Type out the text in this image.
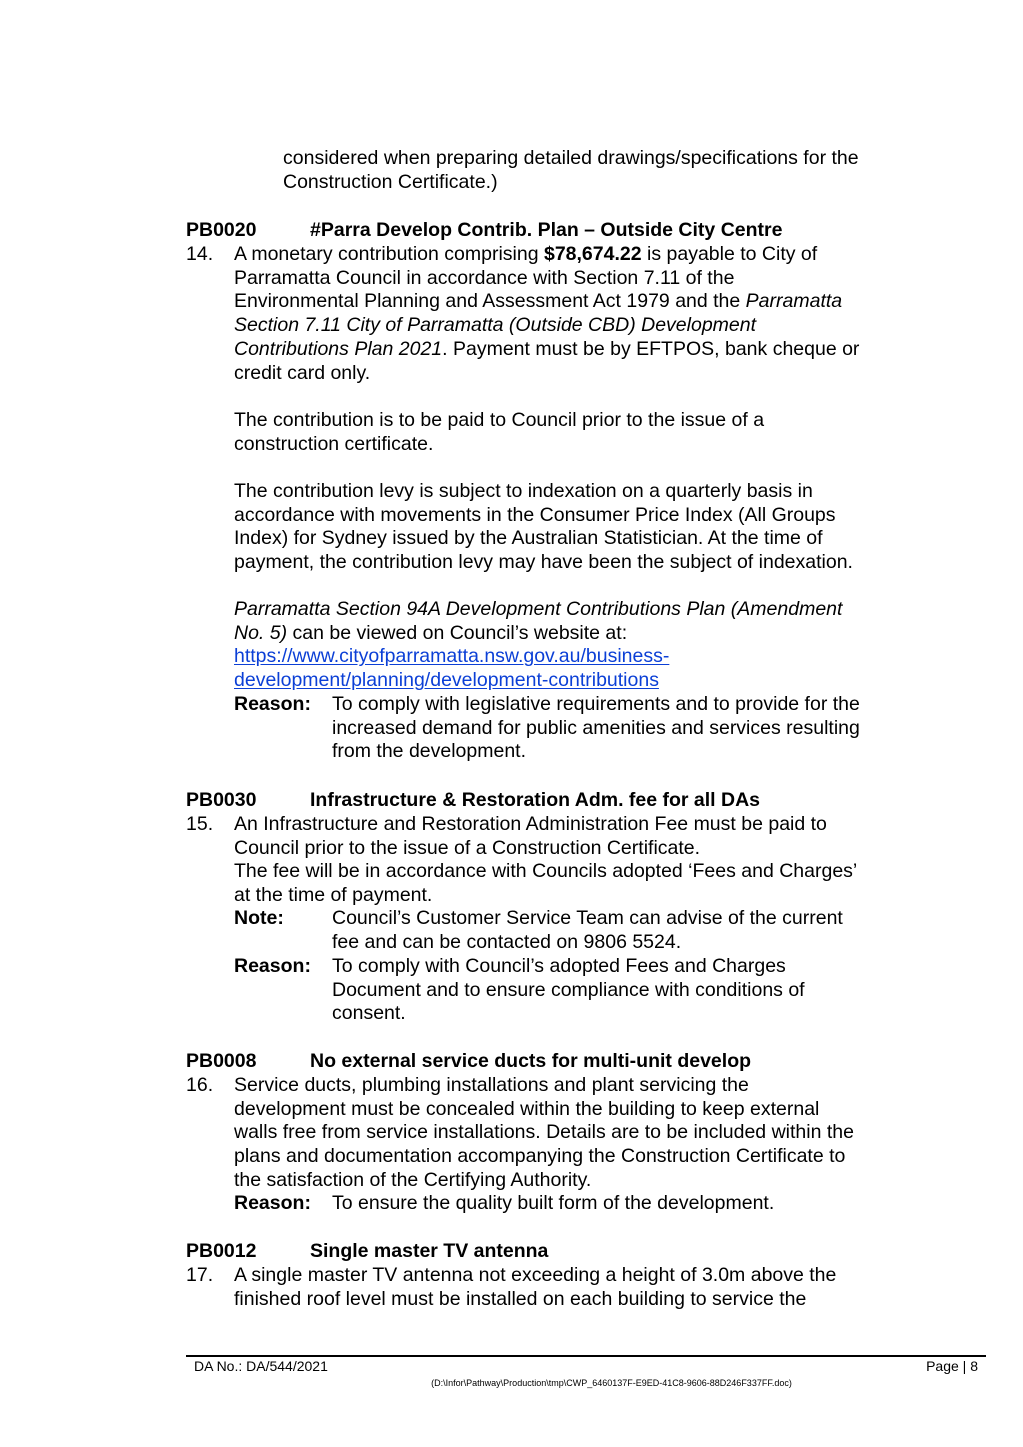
considered when preparing detailed drawings/specifications for the

Construction Certificate.)

PB0020	#Parra Develop Contrib. Plan – Outside City Centre
14. A monetary contribution comprising $78,674.22 is payable to City of

Parramatta Council in accordance with Section 7.11 of the

Environmental Planning and Assessment Act 1979 and the Parramatta

Section 7.11 City of Parramatta (Outside CBD) Development

Contributions Plan 2021. Payment must be by EFTPOS, bank cheque or

credit card only.

The contribution is to be paid to Council prior to the issue of a

construction certificate.

The contribution levy is subject to indexation on a quarterly basis in

accordance with movements in the Consumer Price Index (All Groups

Index) for Sydney issued by the Australian Statistician. At the time of

payment, the contribution levy may have been the subject of indexation.

Parramatta Section 94A Development Contributions Plan (Amendment

No. 5) can be viewed on Council’s website at:

https://www.cityofparramatta.nsw.gov.au/business-

development/planning/development-contributions

Reason: To comply with legislative requirements and to provide for the

increased demand for public amenities and services resulting

from the development.

PB0030	Infrastructure & Restoration Adm. fee for all DAs
15. An Infrastructure and Restoration Administration Fee must be paid to

Council prior to the issue of a Construction Certificate.

The fee will be in accordance with Councils adopted ‘Fees and Charges’

at the time of payment.

Note: Council’s Customer Service Team can advise of the current

fee and can be contacted on 9806 5524.

Reason: To comply with Council’s adopted Fees and Charges

Document and to ensure compliance with conditions of

consent.

PB0008	No external service ducts for multi-unit develop
16. Service ducts, plumbing installations and plant servicing the

development must be concealed within the building to keep external

walls free from service installations. Details are to be included within the

plans and documentation accompanying the Construction Certificate to

the satisfaction of the Certifying Authority.

Reason: To ensure the quality built form of the development.

PB0012	Single master TV antenna
17. A single master TV antenna not exceeding a height of 3.0m above the

finished roof level must be installed on each building to service the

DA No.: DA/544/2021	Page | 8
(D:\Infor\Pathway\Production\tmp\CWP_6460137F-E9ED-41C8-9606-88D246F337FF.doc)
